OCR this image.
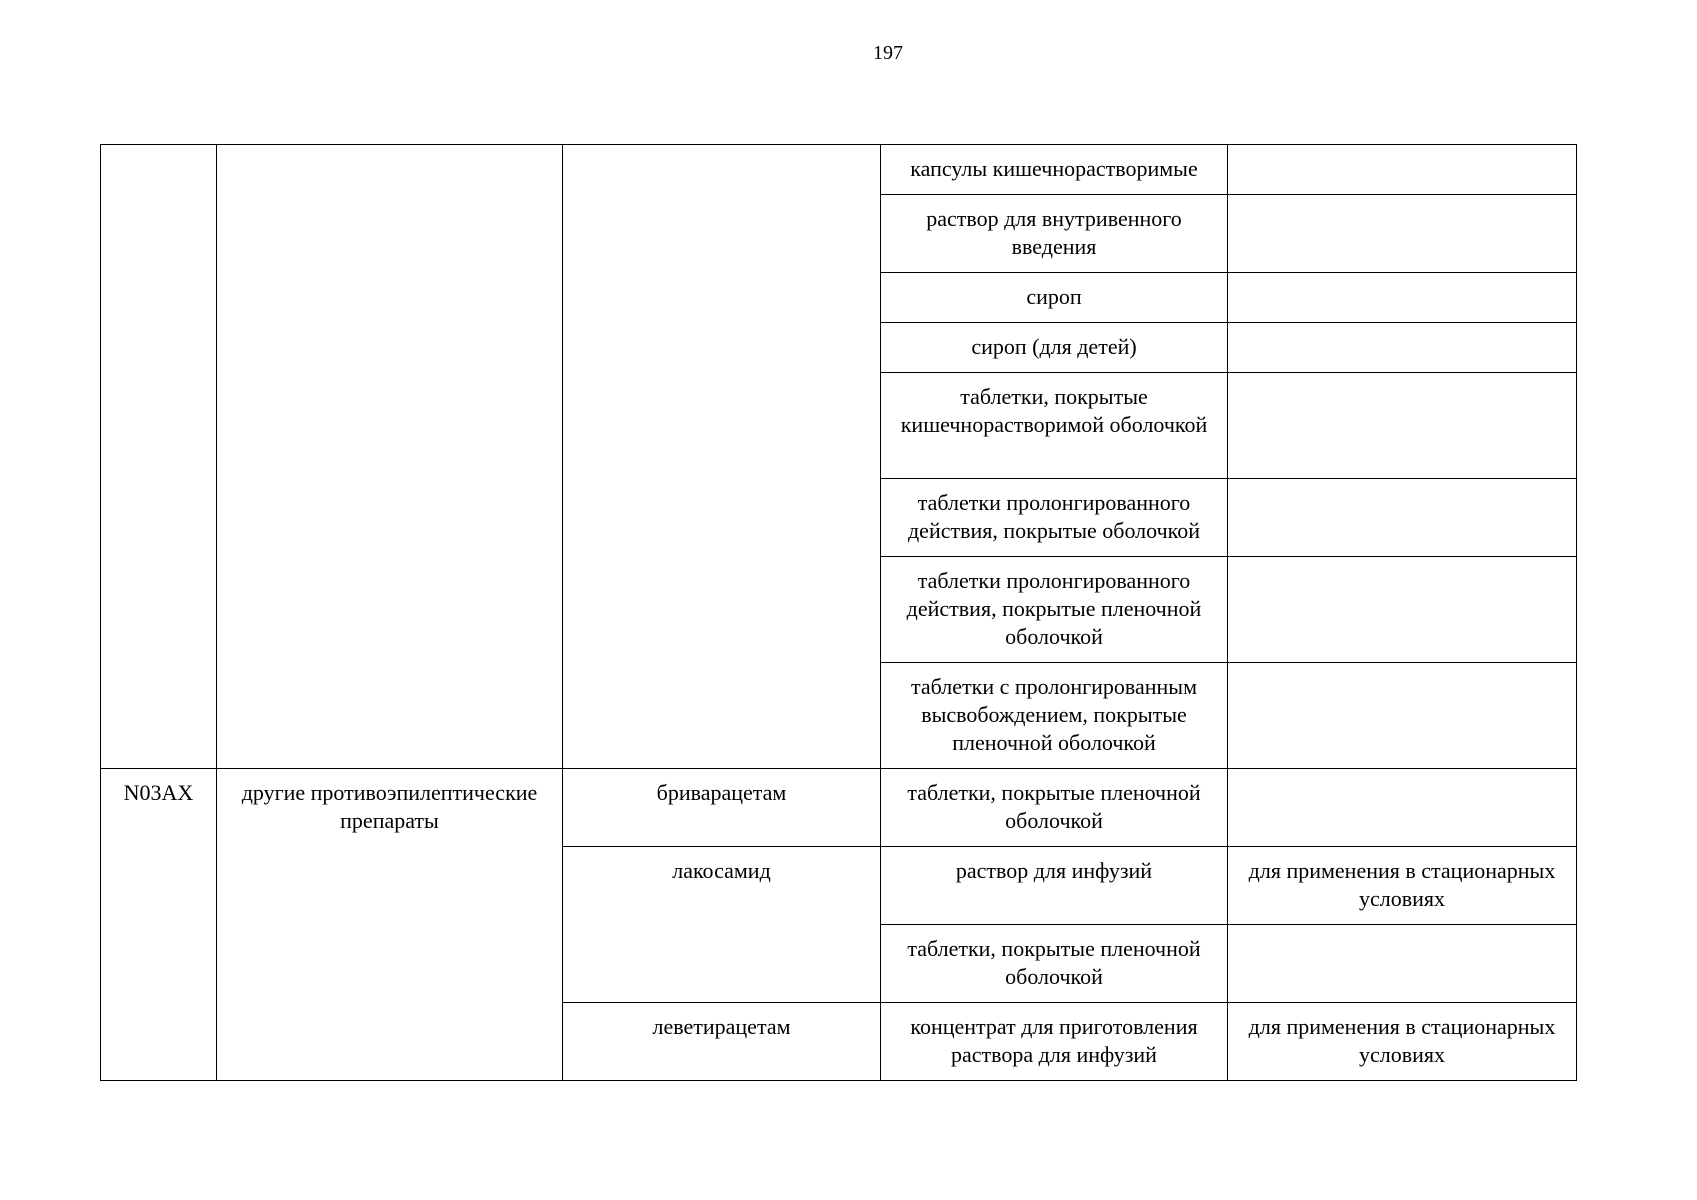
197
			капсулы кишечнорастворимые	
			раствор для внутривенного введения	
			сироп	
			сироп (для детей)	
			таблетки, покрытые кишечнорастворимой оболочкой	
			таблетки пролонгированного действия, покрытые оболочкой	
			таблетки пролонгированного действия, покрытые пленочной оболочкой	
			таблетки с пролонгированным высвобождением, покрытые пленочной оболочкой	
N03AX	другие противоэпилептические препараты	бриварацетам	таблетки, покрытые пленочной оболочкой	
		лакосамид	раствор для инфузий	для применения в стационарных условиях
			таблетки, покрытые пленочной оболочкой	
		леветирацетам	концентрат для приготовления раствора для инфузий	для применения в стационарных условиях
